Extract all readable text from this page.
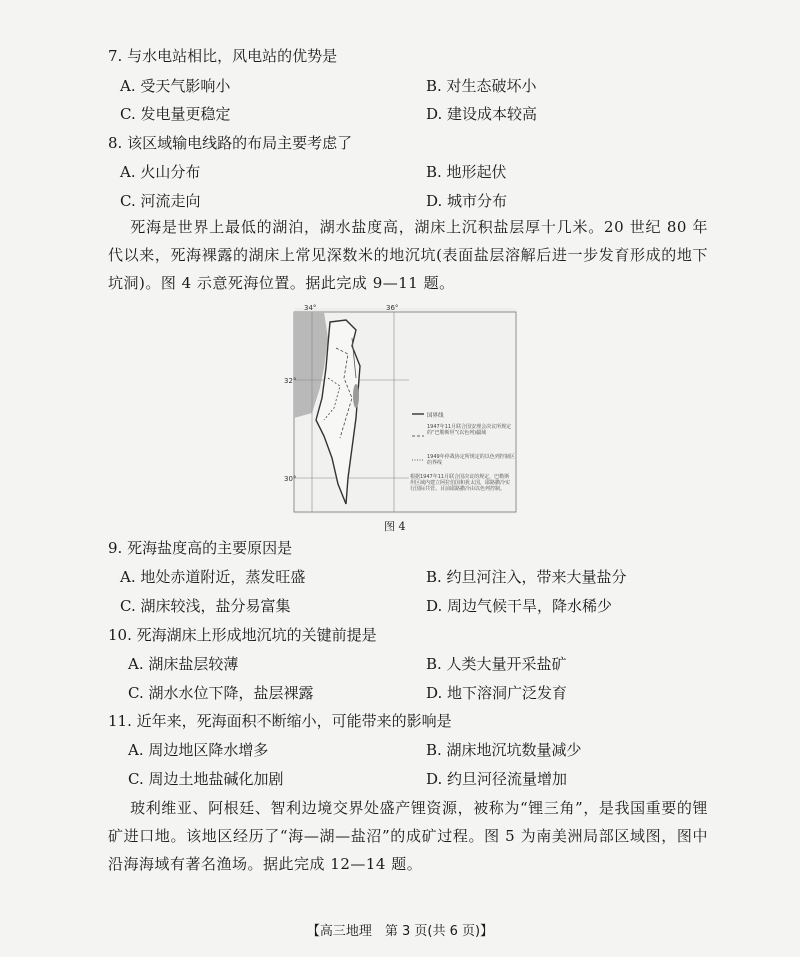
7. 与水电站相比，风电站的优势是
A. 受天气影响小	B. 对生态破坏小
C. 发电量更稳定	D. 建设成本较高
8. 该区域输电线路的布局主要考虑了
A. 火山分布	B. 地形起伏
C. 河流走向	D. 城市分布
死海是世界上最低的湖泊，湖水盐度高，湖床上沉积盐层厚十几米。20 世纪 80 年代以来，死海裸露的湖床上常见深数米的地沉坑(表面盐层溶解后进一步发育形成的地下坑洞)。图 4 示意死海位置。据此完成 9—11 题。
34°	36°
32°
30°
国界线
1947年11月联合国安理会决议所规定的“巴勒斯坦”(以色列)疆域
1949年停战协定所规定的以色列控制区的界线
根据1947年11月联合国决议的规定，巴勒斯坦区域内建立阿拉伯国和犹太国，耶路撒冷实行国际共管。目前耶路撒冷由以色列控制。
图 4
9. 死海盐度高的主要原因是
A. 地处赤道附近，蒸发旺盛	B. 约旦河注入，带来大量盐分
C. 湖床较浅，盐分易富集	D. 周边气候干旱，降水稀少
10. 死海湖床上形成地沉坑的关键前提是
A. 湖床盐层较薄	B. 人类大量开采盐矿
C. 湖水水位下降，盐层裸露	D. 地下溶洞广泛发育
11. 近年来，死海面积不断缩小，可能带来的影响是
A. 周边地区降水增多	B. 湖床地沉坑数量减少
C. 周边土地盐碱化加剧	D. 约旦河径流量增加
玻利维亚、阿根廷、智利边境交界处盛产锂资源，被称为“锂三角”，是我国重要的锂矿进口地。该地区经历了“海—湖—盐沼”的成矿过程。图 5 为南美洲局部区域图，图中沿海海域有著名渔场。据此完成 12—14 题。
【高三地理　第 3 页(共 6 页)】
